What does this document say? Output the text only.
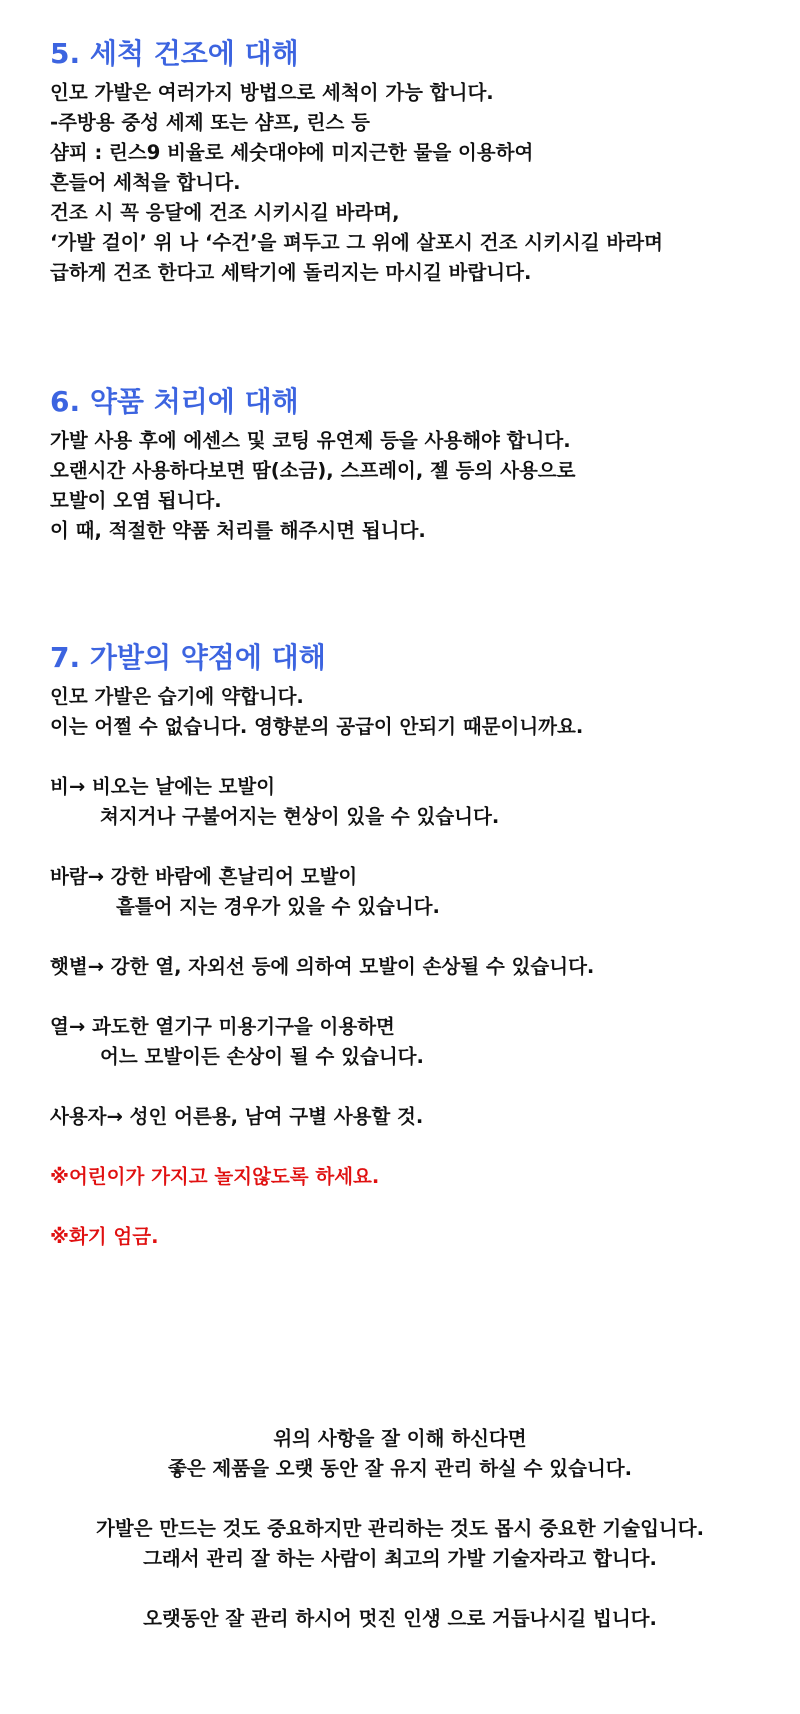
5. 세척 건조에 대해
인모 가발은 여러가지 방법으로 세척이 가능 합니다.
-주방용 중성 세제 또는 샴프, 린스 등
샴피 : 린스9 비율로 세숫대야에 미지근한 물을 이용하여
흔들어 세척을 합니다.
건조 시 꼭 응달에 건조 시키시길 바라며,
‘가발 걸이’ 위 나 ‘수건’을 펴두고 그 위에 살포시 건조 시키시길 바라며
급하게 건조 한다고 세탁기에 돌리지는 마시길 바랍니다.
6. 약품 처리에 대해
가발 사용 후에 에센스 및 코팅 유연제 등을 사용해야 합니다.
오랜시간 사용하다보면 땀(소금), 스프레이, 젤 등의 사용으로
모발이 오염 됩니다.
이 때, 적절한 약품 처리를 해주시면 됩니다.
7. 가발의 약점에 대해
인모 가발은 습기에 약합니다.
이는 어쩔 수 없습니다. 영향분의 공급이 안되기 때문이니까요.
비→ 비오는 날에는 모발이
쳐지거나 구불어지는 현상이 있을 수 있습니다.
바람→ 강한 바람에 흔날리어 모발이
흩틀어 지는 경우가 있을 수 있습니다.
햇볕→ 강한 열, 자외선 등에 의하여 모발이 손상될 수 있습니다.
열→ 과도한 열기구 미용기구을 이용하면
어느 모발이든 손상이 될 수 있습니다.
사용자→ 성인 어른용, 남여 구별 사용할 것.
※어린이가 가지고 놀지않도록 하세요.
※화기 엄금.
위의 사항을 잘 이해 하신다면
좋은 제품을 오랫 동안 잘 유지 관리 하실 수 있습니다.
가발은 만드는 것도 중요하지만 관리하는 것도 몹시 중요한 기술입니다.
그래서 관리 잘 하는 사람이 최고의 가발 기술자라고 합니다.
오랫동안 잘 관리 하시어 멋진 인생 으로 거듭나시길 빕니다.
